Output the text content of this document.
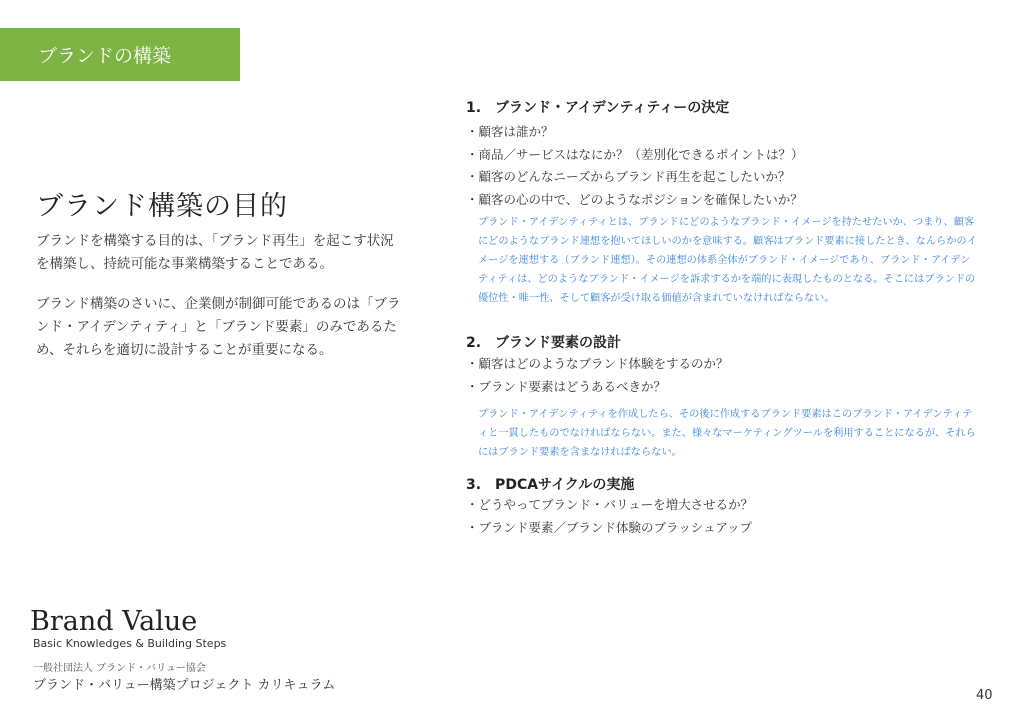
ブランドの構築
ブランド構築の目的
ブランドを構築する目的は、「ブランド再生」を起こす状況を構築し、持続可能な事業構築することである。
ブランド構築のさいに、企業側が制御可能であるのは「ブランド・アイデンティティ」と「ブランド要素」のみであるため、それらを適切に設計することが重要になる。
1.　ブランド・アイデンティティーの決定
・顧客は誰か？
・商品／サービスはなにか？（差別化できるポイントは？）
・顧客のどんなニーズからブランド再生を起こしたいか？
・顧客の心の中で、どのようなポジションを確保したいか？
ブランド・アイデンティティとは、ブランドにどのようなブランド・イメージを持たせたいか、つまり、顧客にどのようなブランド連想を抱いてほしいのかを意味する。顧客はブランド要素に接したとき、なんらかのイメージを連想する（ブランド連想）。その連想の体系全体がブランド・イメージであり、ブランド・アイデンティティは、どのようなブランド・イメージを訴求するかを端的に表現したものとなる。そこにはブランドの優位性・唯一性、そして顧客が受け取る価値が含まれていなければならない。
2.　ブランド要素の設計
・顧客はどのようなブランド体験をするのか？
・ブランド要素はどうあるべきか？
ブランド・アイデンティティを作成したら、その後に作成するブランド要素はこのブランド・アイデンティティと一貫したものでなければならない。また、様々なマーケティングツールを利用することになるが、それらにはブランド要素を含まなければならない。
3.　PDCAサイクルの実施
・どうやってブランド・バリューを増大させるか？
・ブランド要素／ブランド体験のブラッシュアップ
Brand Value
Basic Knowledges & Building Steps
一般社団法人 ブランド・バリュー協会
ブランド・バリュー構築プロジェクト カリキュラム
40
